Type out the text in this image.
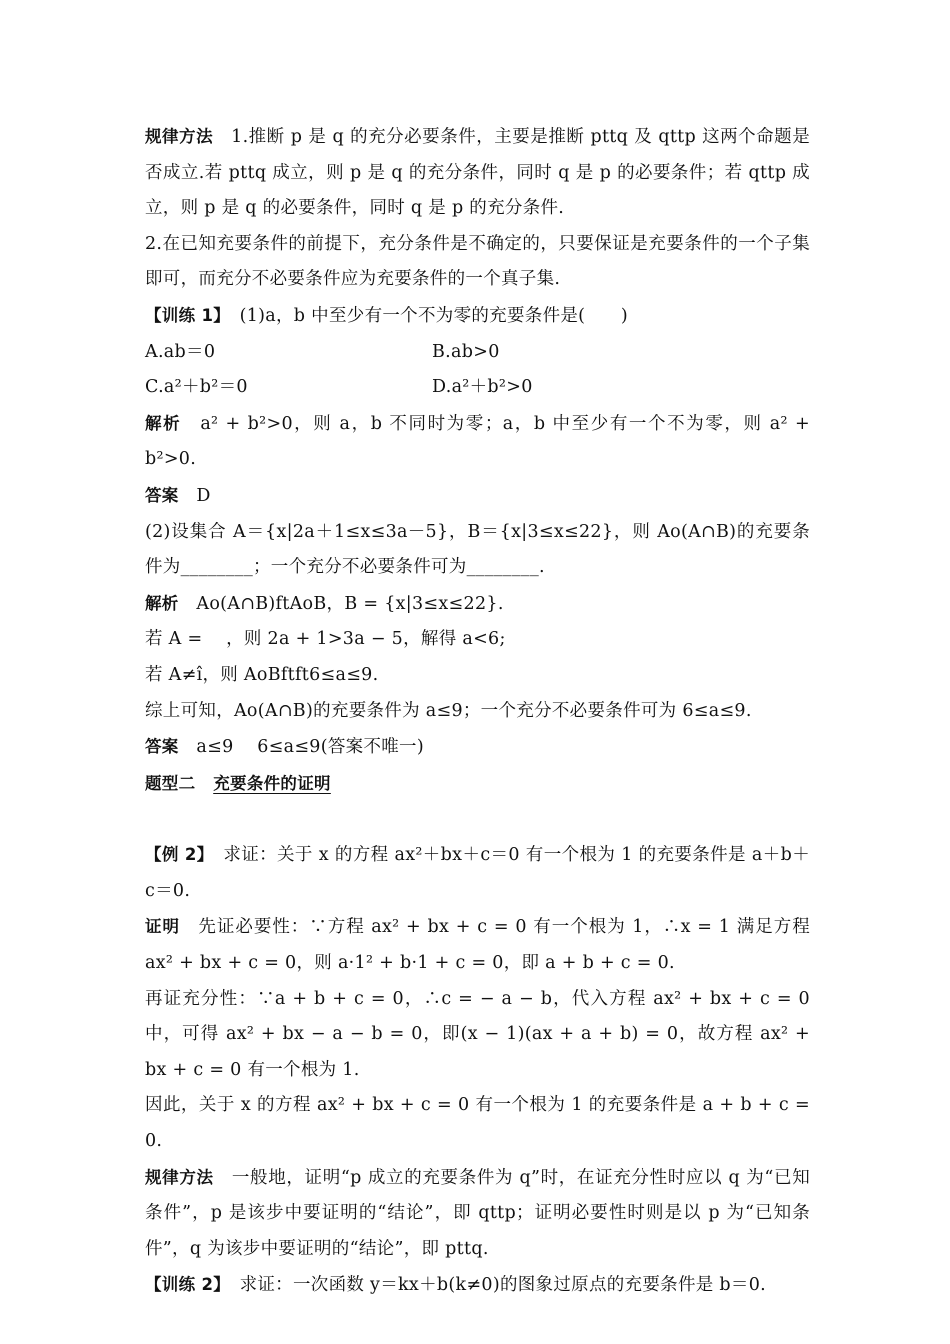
规律方法　1.推断 p 是 q 的充分必要条件，主要是推断 pttq 及 qttp 这两个命题是否成立.若 pttq 成立，则 p 是 q 的充分条件，同时 q 是 p 的必要条件；若 qttp 成立，则 p 是 q 的必要条件，同时 q 是 p 的充分条件.

2.在已知充要条件的前提下，充分条件是不确定的，只要保证是充要条件的一个子集即可，而充分不必要条件应为充要条件的一个真子集.

【训练 1】　(1)a，b 中至少有一个不为零的充要条件是(　　)

A.ab＝0	B.ab>0

C.a²＋b²＝0	D.a²＋b²>0

解析　a² + b²>0，则 a，b 不同时为零；a，b 中至少有一个不为零，则 a² + b²>0.

答案　D

(2)设集合 A＝{x|2a＋1≤x≤3a－5}，B＝{x|3≤x≤22}，则 Ao(A∩B)的充要条件为________；一个充分不必要条件可为________.

解析　Ao(A∩B)ftAoB，B = {x|3≤x≤22}.

若 A = 　，则 2a + 1>3a − 5，解得 a<6;

若 A≠î，则 AoBftft6≤a≤9.

综上可知，Ao(A∩B)的充要条件为 a≤9；一个充分不必要条件可为 6≤a≤9.

答案　a≤9　 6≤a≤9(答案不唯一)

题型二　 充要条件的证明

【例 2】　求证：关于 x 的方程 ax²＋bx＋c＝0 有一个根为 1 的充要条件是 a＋b＋c＝0.

证明　先证必要性：∵方程 ax² + bx + c = 0 有一个根为 1，∴x = 1 满足方程 ax² + bx + c = 0，则 a·1² + b·1 + c = 0，即 a + b + c = 0.

再证充分性：∵a + b + c = 0，∴c = − a − b，代入方程 ax² + bx + c = 0 中，可得 ax² + bx − a − b = 0，即(x − 1)(ax + a + b) = 0，故方程 ax² + bx + c = 0 有一个根为 1.

因此，关于 x 的方程 ax² + bx + c = 0 有一个根为 1 的充要条件是 a + b + c = 0.

规律方法　一般地，证明“p 成立的充要条件为 q”时，在证充分性时应以 q 为“已知条件”，p 是该步中要证明的“结论”，即 qttp；证明必要性时则是以 p 为“已知条件”，q 为该步中要证明的“结论”，即 pttq.

【训练 2】　求证：一次函数 y＝kx＋b(k≠0)的图象过原点的充要条件是 b＝0.
